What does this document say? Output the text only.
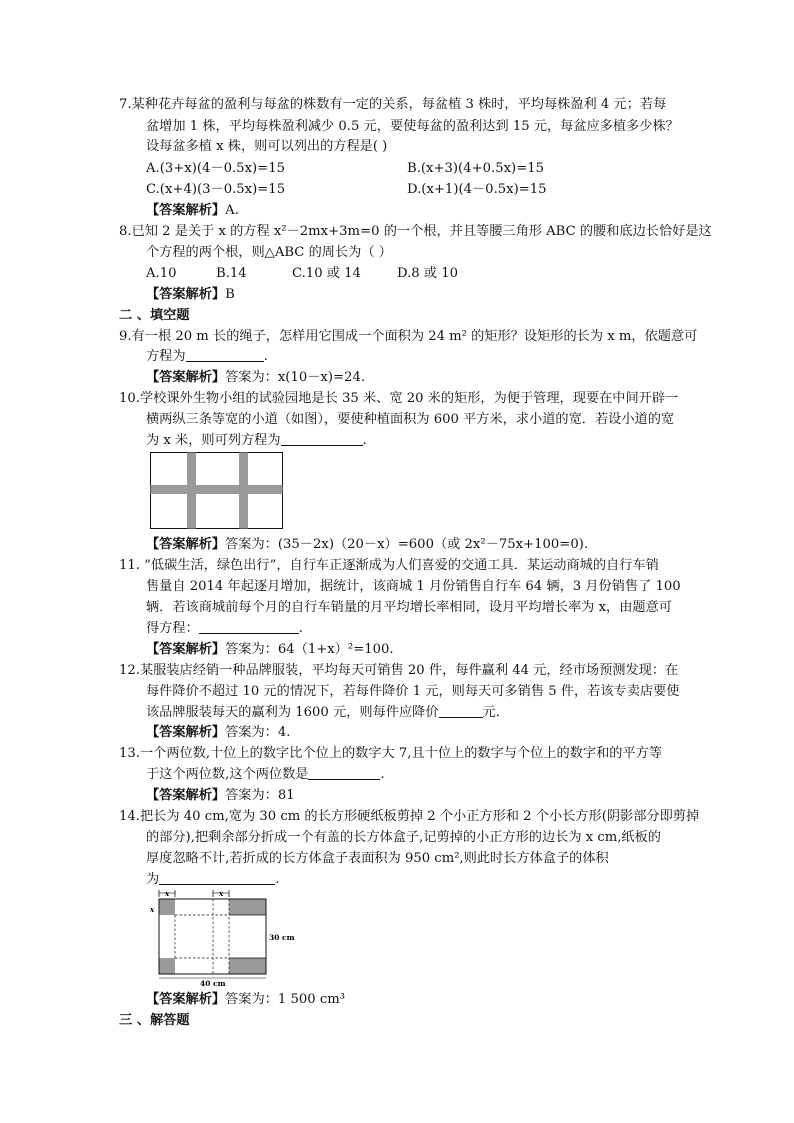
7.某种花卉每盆的盈利与每盆的株数有一定的关系，每盆植 3 株时，平均每株盈利 4 元；若每
盆增加 1 株，平均每株盈利减少 0.5 元，要使每盆的盈利达到 15 元，每盆应多植多少株？
设每盆多植 x 株，则可以列出的方程是( )
A.(3+x)(4－0.5x)=15	B.(x+3)(4+0.5x)=15
C.(x+4)(3－0.5x)=15	D.(x+1)(4－0.5x)=15
【答案解析】A.
8.已知 2 是关于 x 的方程 x²－2mx+3m=0 的一个根，并且等腰三角形 ABC 的腰和底边长恰好是这
个方程的两个根，则△ABC 的周长为（ ）
A.10	B.14	C.10 或 14	D.8 或 10
【答案解析】B
二 、填空题
9.有一根 20 m 长的绳子，怎样用它围成一个面积为 24 m² 的矩形？设矩形的长为 x m，依题意可
方程为	.
【答案解析】答案为：x(10－x)=24.
10.学校课外生物小组的试验园地是长 35 米、宽 20 米的矩形，为便于管理，现要在中间开辟一
横两纵三条等宽的小道（如图），要使种植面积为 600 平方米，求小道的宽．若设小道的宽
为 x 米，则可列方程为	.
【答案解析】答案为：(35－2x)（20－x）=600（或 2x²－75x+100=0).
11. “低碳生活，绿色出行”，自行车正逐渐成为人们喜爱的交通工具．某运动商城的自行车销
售量自 2014 年起逐月增加，据统计，该商城 1 月份销售自行车 64 辆，3 月份销售了 100
辆．若该商城前每个月的自行车销量的月平均增长率相同，设月平均增长率为 x，由题意可
得方程：	.
【答案解析】答案为：64（1+x）²=100.
12.某服装店经销一种品牌服装，平均每天可销售 20 件，每件赢利 44 元，经市场预测发现：在
每件降价不超过 10 元的情况下，若每件降价 1 元，则每天可多销售 5 件，若该专卖店要使
该品牌服装每天的赢利为 1600 元，则每件应降价	元．
【答案解析】答案为：4.
13.一个两位数,十位上的数字比个位上的数字大 7,且十位上的数字与个位上的数字和的平方等
于这个两位数,这个两位数是	.
【答案解析】答案为：81
14.把长为 40 cm,宽为 30 cm 的长方形硬纸板剪掉 2 个小正方形和 2 个小长方形(阴影部分即剪掉
的部分),把剩余部分折成一个有盖的长方体盒子,记剪掉的小正方形的边长为 x cm,纸板的
厚度忽略不计,若折成的长方体盒子表面积为 950 cm²,则此时长方体盒子的体积
为	.
x	x
x
30 cm
40 cm
【答案解析】答案为：1 500 cm³
三 、解答题
